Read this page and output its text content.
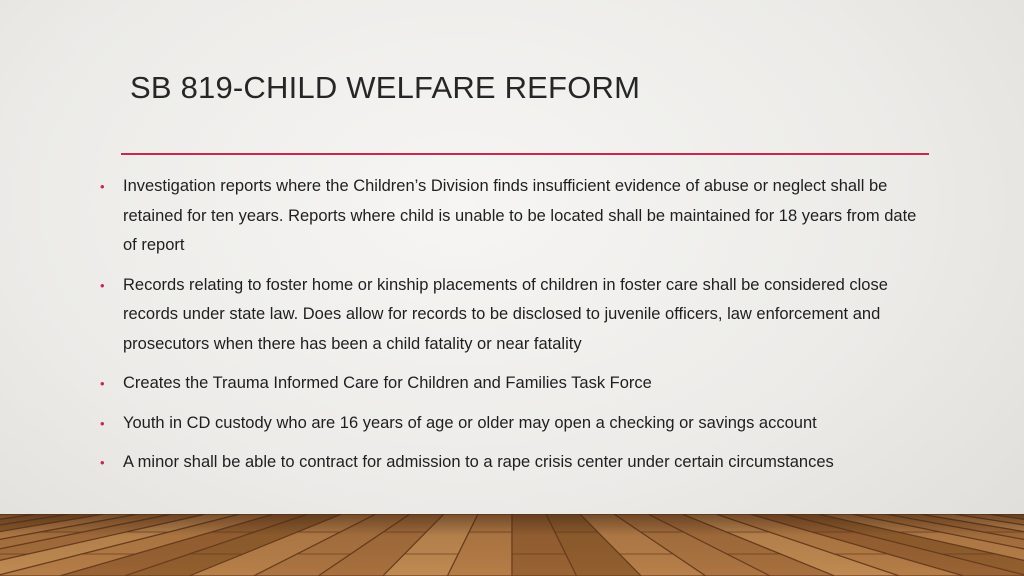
SB 819-CHILD WELFARE REFORM
• Investigation reports where the Children’s Division finds insufficient evidence of abuse or neglect shall be retained for ten years. Reports where child is unable to be located shall be maintained for 18 years from date of report
• Records relating to foster home or kinship placements of children in foster care shall be considered close records under state law. Does allow for records to be disclosed to juvenile officers, law enforcement and prosecutors when there has been a child fatality or near fatality
• Creates the Trauma Informed Care for Children and Families Task Force
• Youth in CD custody who are 16 years of age or older may open a checking or savings account
• A minor shall be able to contract for admission to a rape crisis center under certain circumstances
